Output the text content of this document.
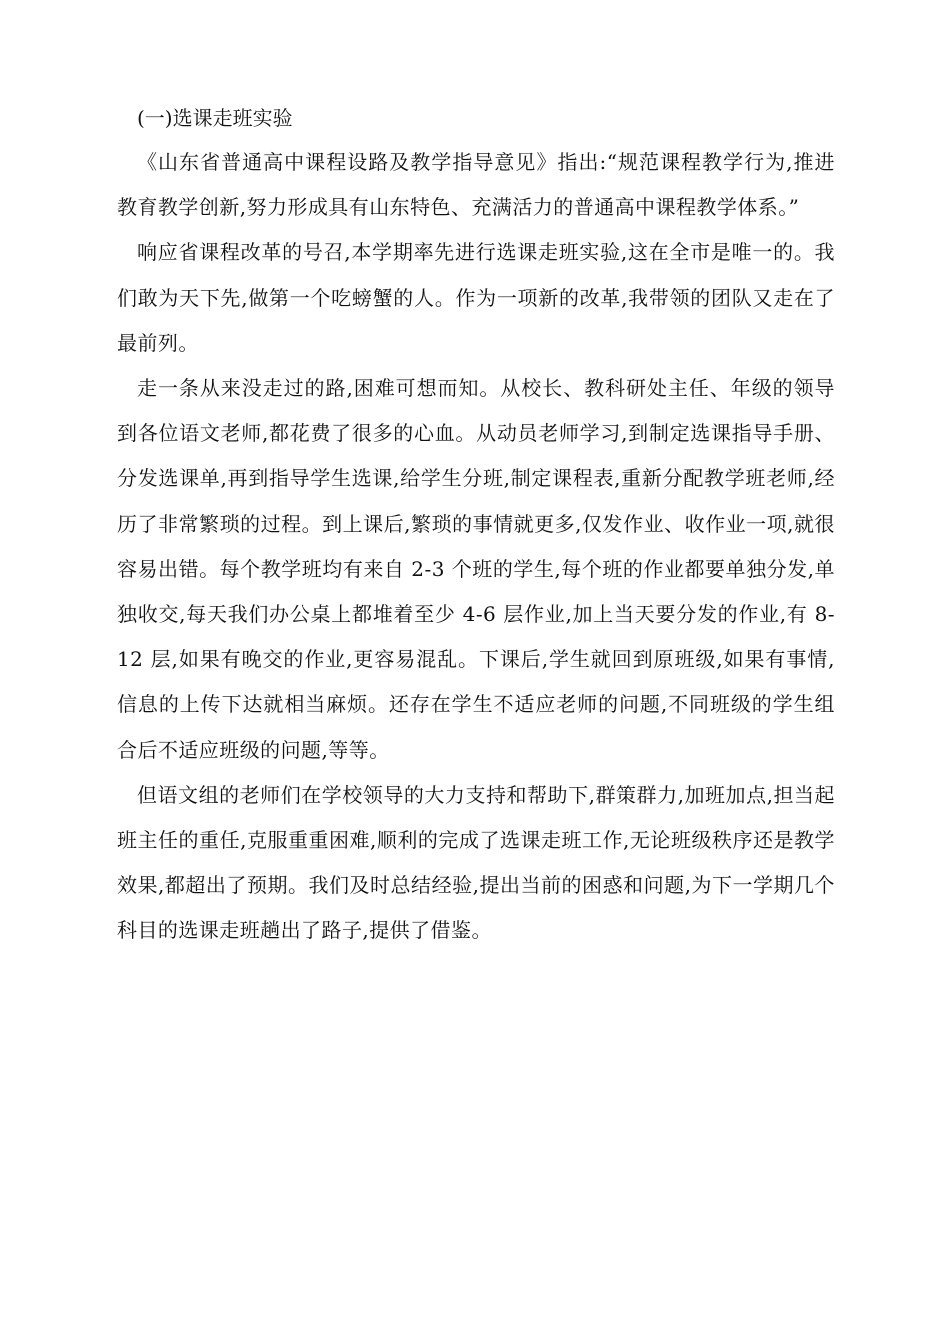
(一)选课走班实验

《山东省普通高中课程设路及教学指导意见》指出:“规范课程教学行为,推进教育教学创新,努力形成具有山东特色、充满活力的普通高中课程教学体系。”

响应省课程改革的号召,本学期率先进行选课走班实验,这在全市是唯一的。我们敢为天下先,做第一个吃螃蟹的人。作为一项新的改革,我带领的团队又走在了最前列。

走一条从来没走过的路,困难可想而知。从校长、教科研处主任、年级的领导到各位语文老师,都花费了很多的心血。从动员老师学习,到制定选课指导手册、分发选课单,再到指导学生选课,给学生分班,制定课程表,重新分配教学班老师,经历了非常繁琐的过程。到上课后,繁琐的事情就更多,仅发作业、收作业一项,就很容易出错。每个教学班均有来自 2-3 个班的学生,每个班的作业都要单独分发,单独收交,每天我们办公桌上都堆着至少 4-6 层作业,加上当天要分发的作业,有 8-12 层,如果有晚交的作业,更容易混乱。下课后,学生就回到原班级,如果有事情,信息的上传下达就相当麻烦。还存在学生不适应老师的问题,不同班级的学生组合后不适应班级的问题,等等。

但语文组的老师们在学校领导的大力支持和帮助下,群策群力,加班加点,担当起班主任的重任,克服重重困难,顺利的完成了选课走班工作,无论班级秩序还是教学效果,都超出了预期。我们及时总结经验,提出当前的困惑和问题,为下一学期几个科目的选课走班趟出了路子,提供了借鉴。
